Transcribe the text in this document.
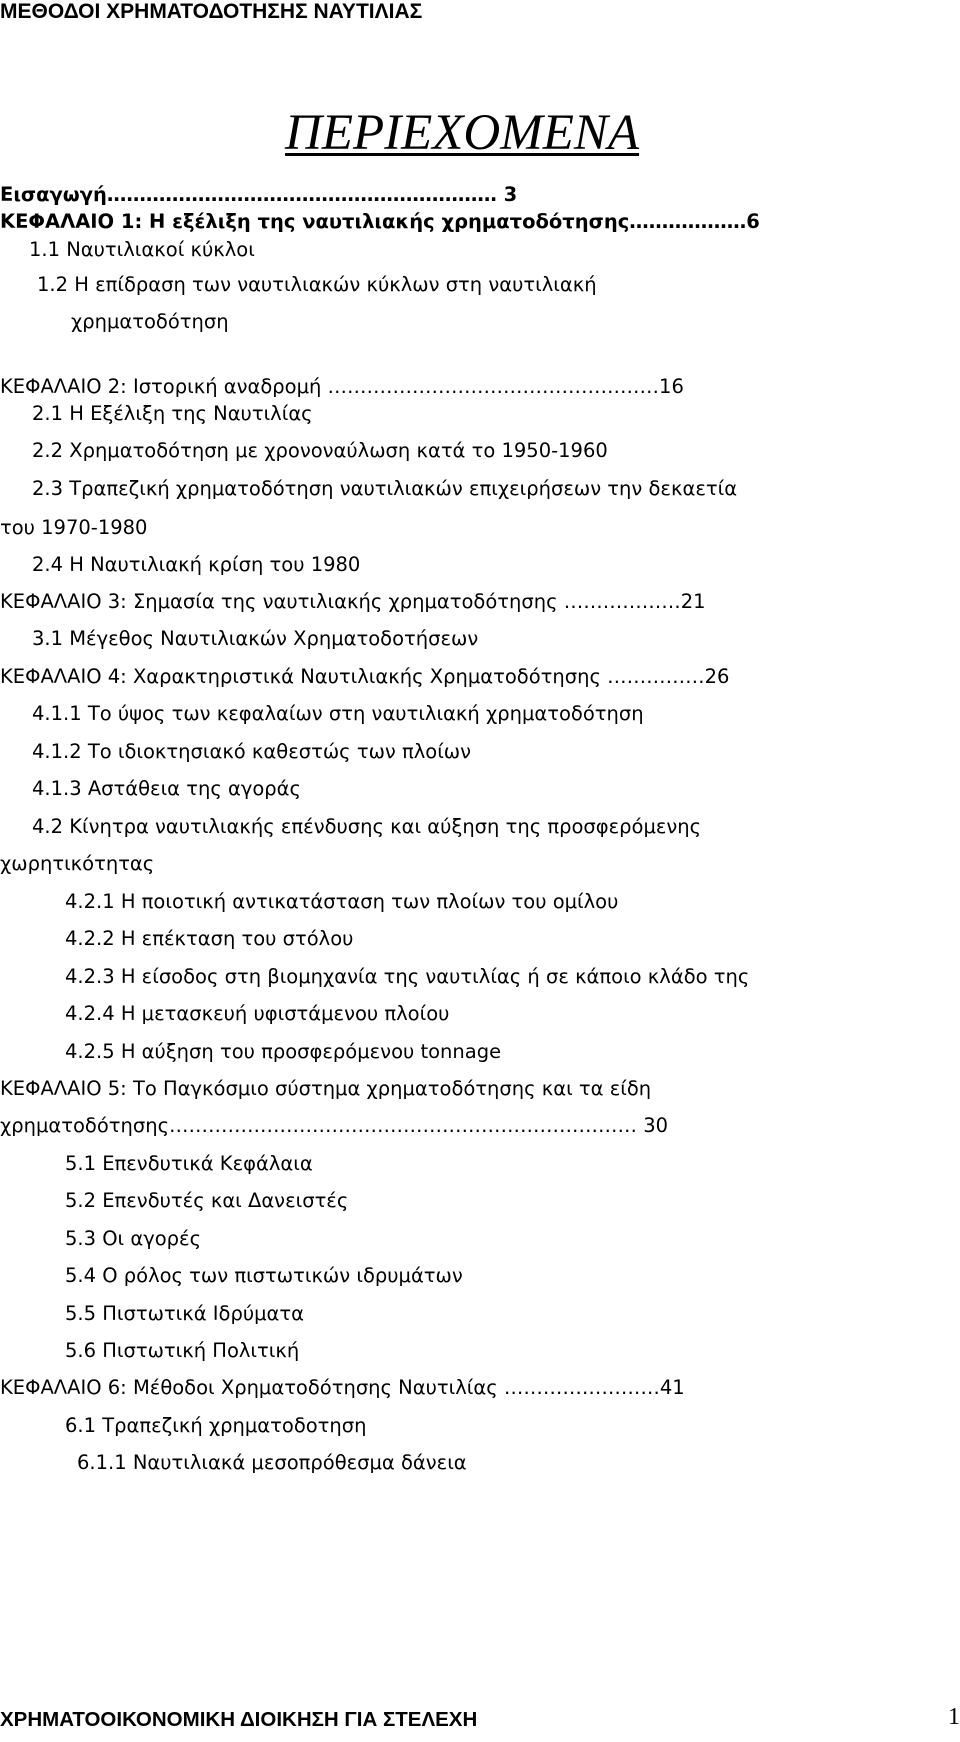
ΜΕΘΟΔΟΙ ΧΡΗΜΑΤΟΔΟΤΗΣΗΣ ΝΑΥΤΙΛΙΑΣ
ΠΕΡΙΕΧΟΜΕΝΑ
Εισαγωγή…………………………………………………… 3
ΚΕΦΑΛΑΙΟ 1: Η εξέλιξη της ναυτιλιακής χρηματοδότησης………………6
1.1 Ναυτιλιακοί κύκλοι
1.2 Η επίδραση των ναυτιλιακών κύκλων στη ναυτιλιακή
χρηματοδότηση
ΚΕΦΑΛΑΙΟ 2: Ιστορική αναδρομή ……………………………………………16
2.1 Η Εξέλιξη της Ναυτιλίας
2.2 Χρηματοδότηση με χρονοναύλωση κατά το 1950-1960
2.3 Τραπεζική χρηματοδότηση ναυτιλιακών επιχειρήσεων την δεκαετία
του 1970-1980
2.4 Η Ναυτιλιακή κρίση του 1980
ΚΕΦΑΛΑΙΟ 3: Σημασία της ναυτιλιακής χρηματοδότησης ………………21
3.1 Μέγεθος Ναυτιλιακών Χρηματοδοτήσεων
ΚΕΦΑΛΑΙΟ 4: Χαρακτηριστικά Ναυτιλιακής Χρηματοδότησης ……………26
4.1.1 Το ύψος των κεφαλαίων στη ναυτιλιακή χρηματοδότηση
4.1.2 Το ιδιοκτησιακό καθεστώς των πλοίων
4.1.3 Αστάθεια της αγοράς
4.2 Κίνητρα ναυτιλιακής επένδυσης και αύξηση της προσφερόμενης
χωρητικότητας
4.2.1 Η ποιοτική αντικατάσταση των πλοίων του ομίλου
4.2.2 Η επέκταση του στόλου
4.2.3 Η είσοδος στη βιομηχανία της ναυτιλίας ή σε κάποιο κλάδο της
4.2.4 Η μετασκευή υφιστάμενου πλοίου
4.2.5 Η αύξηση του προσφερόμενου tonnage
ΚΕΦΑΛΑΙΟ 5: Το Παγκόσμιο σύστημα χρηματοδότησης και τα είδη
χρηματοδότησης……………………………………………………………… 30
5.1 Επενδυτικά Κεφάλαια
5.2 Επενδυτές και Δανειστές
5.3 Οι αγορές
5.4 Ο ρόλος των πιστωτικών ιδρυμάτων
5.5 Πιστωτικά Ιδρύματα
5.6 Πιστωτική Πολιτική
ΚΕΦΑΛΑΙΟ 6: Μέθοδοι Χρηματοδότησης Ναυτιλίας ……………………41
6.1 Τραπεζική χρηματοδοτηση
6.1.1 Ναυτιλιακά μεσοπρόθεσμα δάνεια
ΧΡΗΜΑΤΟΟΙΚΟΝΟΜΙΚΗ ΔΙΟΙΚΗΣΗ ΓΙΑ ΣΤΕΛΕΧΗ	1
